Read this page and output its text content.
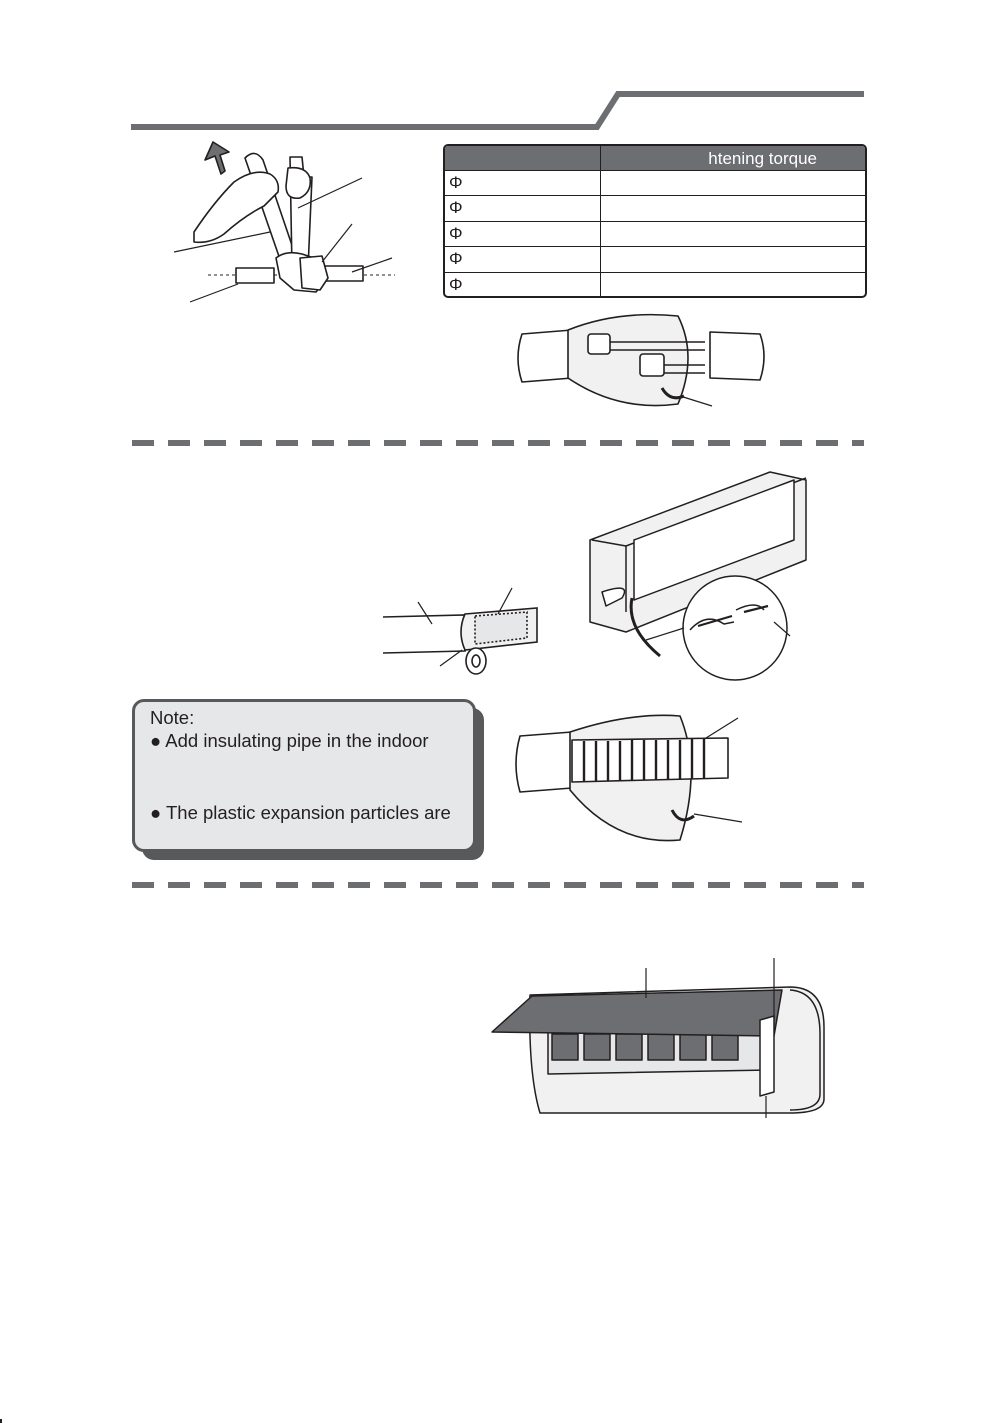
htening torque
Φ
Φ
Φ
Φ
Φ
Note:
● Add insulating pipe in the indoor
● The plastic expansion particles are
